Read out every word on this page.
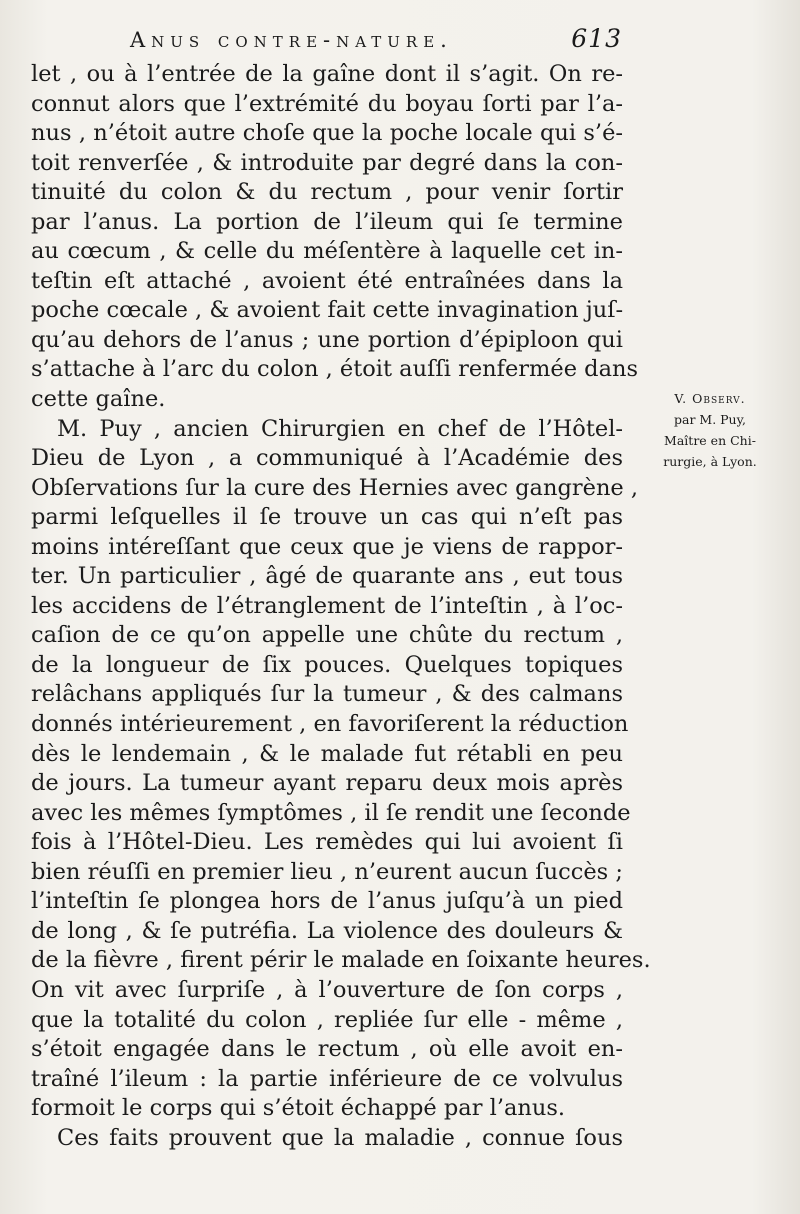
Anus contre-nature.	613
let , ou à l’entrée de la gaîne dont il s’agit. On re-
connut alors que l’extrémité du boyau ſorti par l’a-
nus , n’étoit autre choſe que la poche locale qui s’é-
toit renverſée , & introduite par degré dans la con-
tinuité du colon & du rectum , pour venir ſortir
par l’anus. La portion de l’ileum qui ſe termine
au cœcum , & celle du méſentère à laquelle cet in-
teſtin eſt attaché , avoient été entraînées dans la
poche cœcale , & avoient fait cette invagination juſ-
qu’au dehors de l’anus ; une portion d’épiploon qui
s’attache à l’arc du colon , étoit auſſi renfermée dans
cette gaîne.
M. Puy , ancien Chirurgien en chef de l’Hôtel-
Dieu de Lyon , a communiqué à l’Académie des
Obſervations ſur la cure des Hernies avec gangrène ,
parmi leſquelles il ſe trouve un cas qui n’eſt pas
moins intéreſſant que ceux que je viens de rappor-
ter. Un particulier , âgé de quarante ans , eut tous
les accidens de l’étranglement de l’inteſtin , à l’oc-
caſion de ce qu’on appelle une chûte du rectum ,
de la longueur de ſix pouces. Quelques topiques
relâchans appliqués ſur la tumeur , & des calmans
donnés intérieurement , en favoriſerent la réduction
dès le lendemain , & le malade fut rétabli en peu
de jours. La tumeur ayant reparu deux mois après
avec les mêmes ſymptômes , il ſe rendit une ſeconde
fois à l’Hôtel-Dieu. Les remèdes qui lui avoient ſi
bien réuſſi en premier lieu , n’eurent aucun ſuccès ;
l’inteſtin ſe plongea hors de l’anus juſqu’à un pied
de long , & ſe putréfia. La violence des douleurs &
de la fièvre , firent périr le malade en ſoixante heures.
On vit avec ſurpriſe , à l’ouverture de ſon corps ,
que la totalité du colon , repliée ſur elle - même ,
s’étoit engagée dans le rectum , où elle avoit en-
traîné l’ileum : la partie inférieure de ce volvulus
formoit le corps qui s’étoit échappé par l’anus.
Ces faits prouvent que la maladie , connue ſous
V. Observ.
par M. Puy,
Maître en Chi-
rurgie, à Lyon.
